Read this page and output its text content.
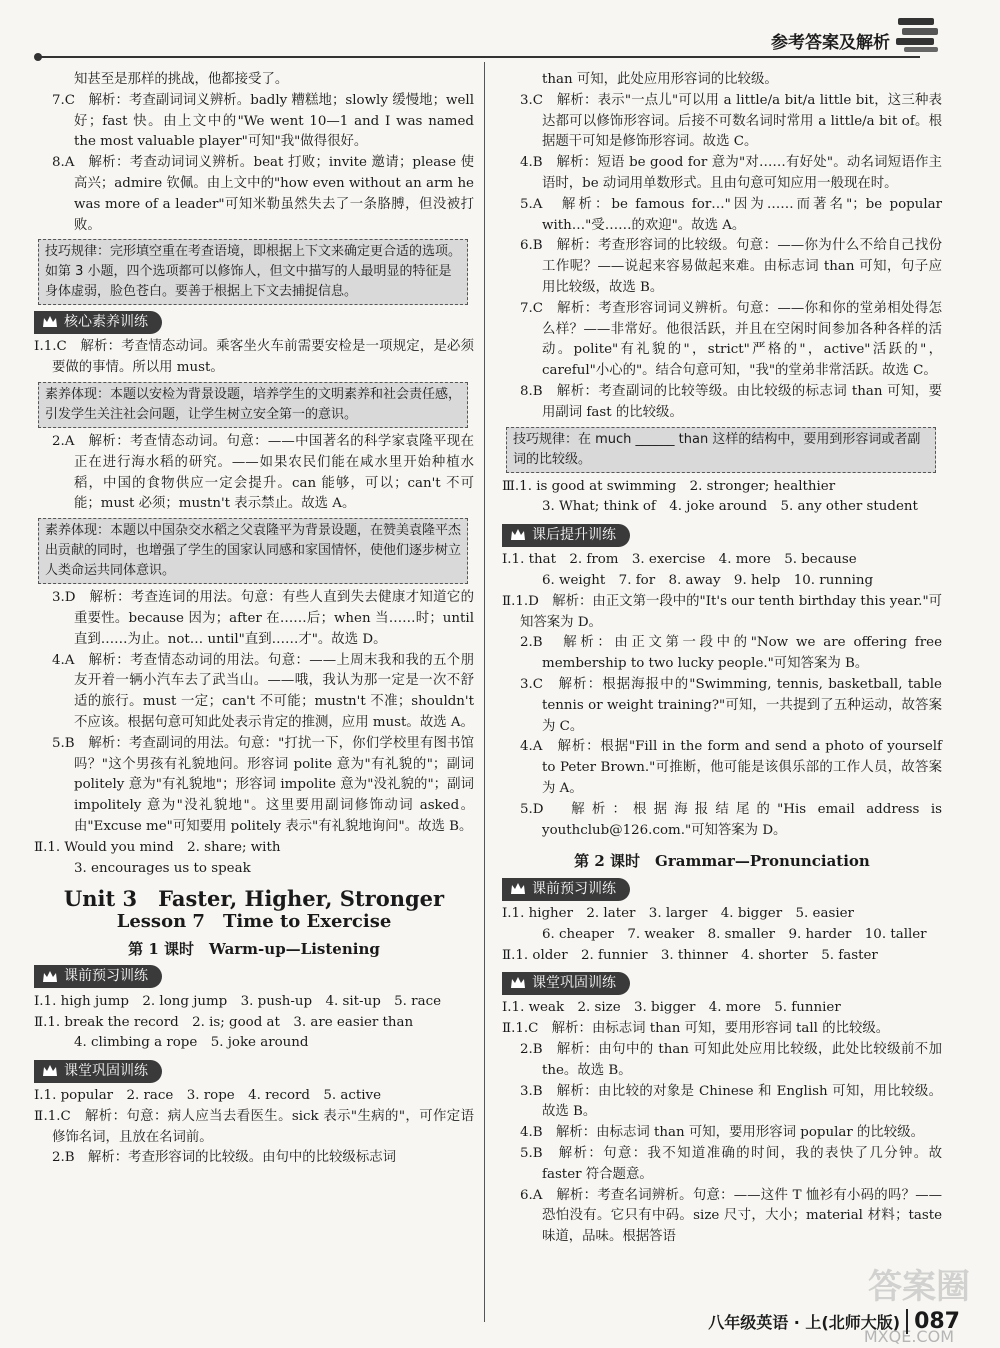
参考答案及解析

知甚至是那样的挑战，他都接受了。

7.C　解析：考查副词词义辨析。badly 糟糕地；slowly 缓慢地；well 好；fast 快。由上文中的"We went 10—1 and I was named the most valuable player"可知"我"做得很好。

8.A　解析：考查动词词义辨析。beat 打败；invite 邀请；please 使高兴；admire 钦佩。由上文中的"how even without an arm he was more of a leader"可知米勒虽然失去了一条胳膊，但没被打败。

技巧规律：完形填空重在考查语境，即根据上下文来确定更合适的选项。如第 3 小题，四个选项都可以修饰人，但文中描写的人最明显的特征是身体虚弱，脸色苍白。要善于根据上下文去捕捉信息。
核心素养训练

Ⅰ.1.C　解析：考查情态动词。乘客坐火车前需要安检是一项规定，是必须要做的事情。所以用 must。

素养体现：本题以安检为背景设题，培养学生的文明素养和社会责任感，引发学生关注社会问题，让学生树立安全第一的意识。

2.A　解析：考查情态动词。句意：——中国著名的科学家袁隆平现在正在进行海水稻的研究。——如果农民们能在咸水里开始种植水稻，中国的食物供应一定会提升。can 能够，可以；can't 不可能；must 必须；mustn't 表示禁止。故选 A。

素养体现：本题以中国杂交水稻之父袁隆平为背景设题，在赞美袁隆平杰出贡献的同时，也增强了学生的国家认同感和家国情怀，使他们逐步树立人类命运共同体意识。

3.D　解析：考查连词的用法。句意：有些人直到失去健康才知道它的重要性。because 因为；after 在……后；when 当……时；until 直到……为止。not… until"直到……才"。故选 D。

4.A　解析：考查情态动词的用法。句意：——上周末我和我的五个朋友开着一辆小汽车去了武当山。——哦，我认为那一定是一次不舒适的旅行。must 一定；can't 不可能；mustn't 不准；shouldn't 不应该。根据句意可知此处表示肯定的推测，应用 must。故选 A。

5.B　解析：考查副词的用法。句意："打扰一下，你们学校里有图书馆吗？"这个男孩有礼貌地问。形容词 polite 意为"有礼貌的"；副词 politely 意为"有礼貌地"；形容词 impolite 意为"没礼貌的"；副词 impolitely 意为"没礼貌地"。这里要用副词修饰动词 asked。由"Excuse me"可知要用 politely 表示"有礼貌地询问"。故选 B。

Ⅱ.1. Would you mind　2. share; with

3. encourages us to speak

Unit 3　Faster, Higher, Stronger
Lesson 7　Time to Exercise
第 1 课时　Warm-up—Listening
课前预习训练

Ⅰ.1. high jump　2. long jump　3. push-up　4. sit-up　5. race

Ⅱ.1. break the record　2. is; good at　3. are easier than

4. climbing a rope　5. joke around

课堂巩固训练

Ⅰ.1. popular　2. race　3. rope　4. record　5. active

Ⅱ.1.C　解析：句意：病人应当去看医生。sick 表示"生病的"，可作定语修饰名词，且放在名词前。

2.B　解析：考查形容词的比较级。由句中的比较级标志词

than 可知，此处应用形容词的比较级。

3.C　解析：表示"一点儿"可以用 a little/a bit/a little bit，这三种表达都可以修饰形容词。后接不可数名词时常用 a little/a bit of。根据题干可知是修饰形容词。故选 C。

4.B　解析：短语 be good for 意为"对……有好处"。动名词短语作主语时，be 动词用单数形式。且由句意可知应用一般现在时。

5.A　解析：be famous for…"因为……而著名"；be popular with…"受……的欢迎"。故选 A。

6.B　解析：考查形容词的比较级。句意：——你为什么不给自己找份工作呢？——说起来容易做起来难。由标志词 than 可知，句子应用比较级，故选 B。

7.C　解析：考查形容词词义辨析。句意：——你和你的堂弟相处得怎么样？——非常好。他很活跃，并且在空闲时间参加各种各样的活动。polite"有礼貌的"，strict"严格的"，active"活跃的"，careful"小心的"。结合句意可知，"我"的堂弟非常活跃。故选 C。

8.B　解析：考查副词的比较等级。由比较级的标志词 than 可知，要用副词 fast 的比较级。

技巧规律：在 much ______ than 这样的结构中，要用到形容词或者副词的比较级。

Ⅲ.1. is good at swimming　2. stronger; healthier

3. What; think of　4. joke around　5. any other student

课后提升训练

Ⅰ.1. that　2. from　3. exercise　4. more　5. because

6. weight　7. for　8. away　9. help　10. running

Ⅱ.1.D　解析：由正文第一段中的"It's our tenth birthday this year."可知答案为 D。

2.B　解析：由正文第一段中的"Now we are offering free membership to two lucky people."可知答案为 B。

3.C　解析：根据海报中的"Swimming, tennis, basketball, table tennis or weight training?"可知，一共提到了五种运动，故答案为 C。

4.A　解析：根据"Fill in the form and send a photo of yourself to Peter Brown."可推断，他可能是该俱乐部的工作人员，故答案为 A。

5.D　解析：根据海报结尾的"His email address is youthclub@126.com."可知答案为 D。

第 2 课时　Grammar—Pronunciation
课前预习训练

Ⅰ.1. higher　2. later　3. larger　4. bigger　5. easier

6. cheaper　7. weaker　8. smaller　9. harder　10. taller

Ⅱ.1. older　2. funnier　3. thinner　4. shorter　5. faster

课堂巩固训练

Ⅰ.1. weak　2. size　3. bigger　4. more　5. funnier

Ⅱ.1.C　解析：由标志词 than 可知，要用形容词 tall 的比较级。

2.B　解析：由句中的 than 可知此处应用比较级，此处比较级前不加 the。故选 B。

3.B　解析：由比较的对象是 Chinese 和 English 可知，用比较级。故选 B。

4.B　解析：由标志词 than 可知，要用形容词 popular 的比较级。

5.B　解析：句意：我不知道准确的时间，我的表快了几分钟。故 faster 符合题意。

6.A　解析：考查名词辨析。句意：——这件 T 恤衫有小码的吗？——恐怕没有。它只有中码。size 尺寸，大小；material 材料；taste 味道，品味。根据答语

答案圈
MXQE.COM
八年级英语 · 上(北师大版) 087
